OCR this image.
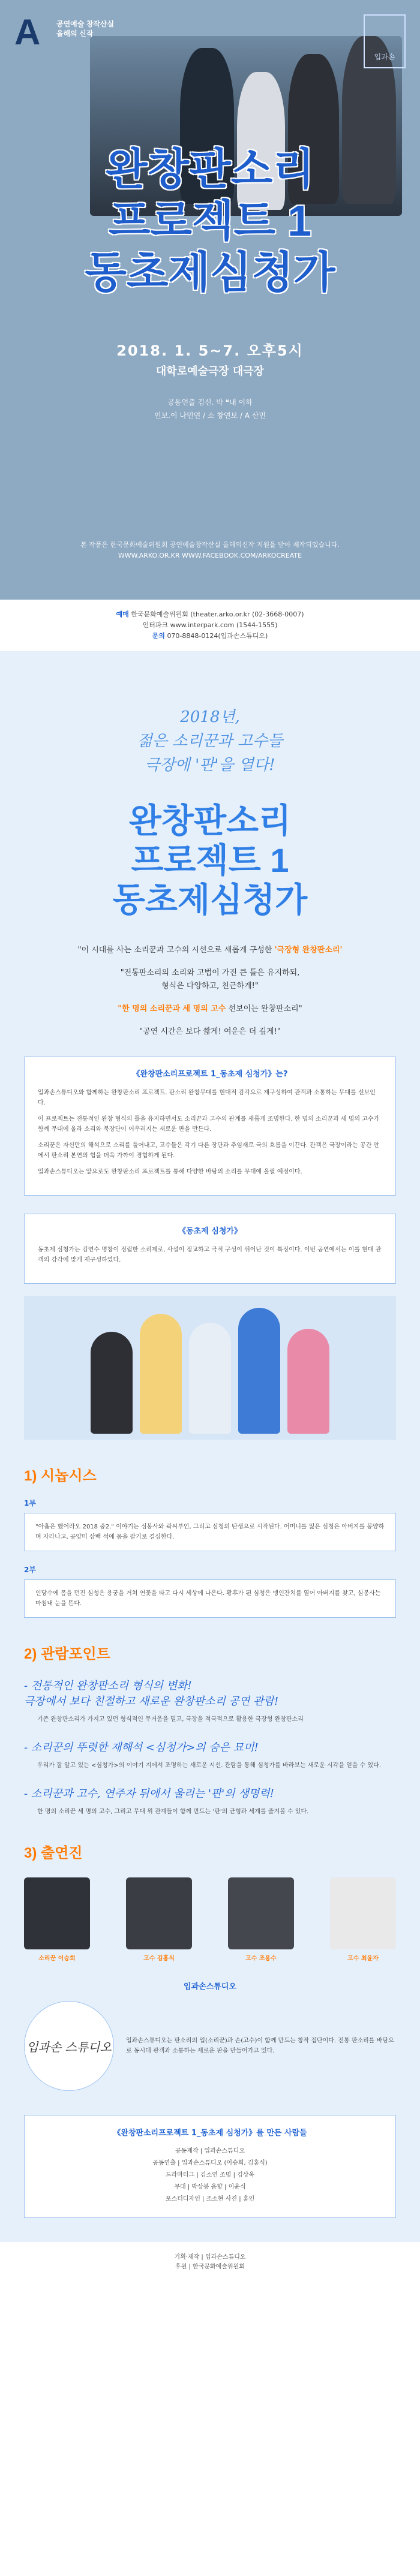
A 공연예술 창작산실
올해의 신작
입과손
완창판소리
프로젝트 1
동초제심청가
2018. 1. 5~7. 오후5시
대학로예술극장 대극장
공동연출 김신. 박 ❝내 이하
인보.이 나민연 / 소 창연보 / A 산민
본 작품은 한국문화예술위원회 공연예술창작산실 올해의신작 지원을 받아 제작되었습니다.
WWW.ARKO.OR.KR WWW.FACEBOOK.COM/ARKOCREATE
예매 한국문화예술위원회 (theater.arko.or.kr (02-3668-0007)
인터파크 www.interpark.com (1544-1555)
문의 070-8848-0124(입과손스튜디오)
2018년,
젊은 소리꾼과 고수들
극장에 '판'을 열다!
완창판소리
프로젝트 1
동초제심청가
"이 시대를 사는 소리꾼과 고수의 시선으로 새롭게 구성한 '극장형 완창판소리'
"전통판소리의 소리와 고법이 가진 큰 틀은 유지하되,
형식은 다양하고, 친근하게!"
"한 명의 소리꾼과 세 명의 고수 선보이는 완창판소리"
"공연 시간은 보다 짧게! 여운은 더 깊게!"
《완창판소리프로젝트 1_동초제 심청가》는?

입과손스튜디오와 함께하는 완창판소리 프로젝트. 판소리 완창무대를 현대적 감각으로 재구성하여 관객과 소통하는 무대를 선보인다.

이 프로젝트는 전통적인 완창 형식의 틀을 유지하면서도 소리꾼과 고수의 관계를 새롭게 조명한다. 한 명의 소리꾼과 세 명의 고수가 함께 무대에 올라 소리와 북장단이 어우러지는 새로운 판을 만든다.

소리꾼은 자신만의 해석으로 소리를 풀어내고, 고수들은 각기 다른 장단과 추임새로 극의 흐름을 이끈다. 관객은 극장이라는 공간 안에서 판소리 본연의 힘을 더욱 가까이 경험하게 된다.

입과손스튜디오는 앞으로도 완창판소리 프로젝트를 통해 다양한 바탕의 소리를 무대에 올릴 예정이다.

《동초제 심청가》

동초제 심청가는 김연수 명창이 정립한 소리제로, 사설이 정교하고 극적 구성이 뛰어난 것이 특징이다. 이번 공연에서는 이를 현대 관객의 감각에 맞게 재구성하였다.

1) 시놉시스
1부
"아홉은 했어라오 2018 중2." 이야기는 심봉사와 곽씨부인, 그리고 심청의 탄생으로 시작된다. 어머니를 잃은 심청은 아버지를 봉양하며 자라나고, 공양미 삼백 석에 몸을 팔기로 결심한다.
2부
인당수에 몸을 던진 심청은 용궁을 거쳐 연꽃을 타고 다시 세상에 나온다. 황후가 된 심청은 맹인잔치를 열어 아버지를 찾고, 심봉사는 마침내 눈을 뜬다.
2) 관람포인트
- 전통적인 완창판소리 형식의 변화!
극장에서 보다 친절하고 새로운 완창판소리 공연 관람!
기존 완창판소리가 가지고 있던 형식적인 무거움을 덜고, 극장을 적극적으로 활용한 극장형 완창판소리
- 소리꾼의 뚜렷한 재해석 <심청가>의 숨은 묘미!
우리가 잘 알고 있는 <심청가>의 이야기 지에서 조명하는 새로운 시선. 관람을 통해 심청가를 바라보는 새로운 시각을 얻을 수 있다.
- 소리꾼과 고수, 연주자 뒤에서 울리는 '판'의 생명력!
한 명의 소리꾼 세 명의 고수, 그리고 무대 위 관계들이 함께 만드는 '판'의 균형과 세계를 즐겨볼 수 있다.
3) 출연진
소리꾼 이승희	고수 김홍식	고수 조용수	고수 최윤자
입과손스튜디오
입과손 스튜디오	입과손스튜디오는 판소리의 입(소리꾼)과 손(고수)이 함께 만드는 창작 집단이다. 전통 판소리를 바탕으로 동시대 관객과 소통하는 새로운 판을 만들어가고 있다.
《완창판소리프로젝트 1_동초제 심청가》를 만든 사람들
공동제작 | 입과손스튜디오
공동연출 | 입과손스튜디오 (이승희, 김홍식)
드라마터그 | 김소연 조명 | 김상욱
무대 | 박상봉 음향 | 이윤식
포스터디자인 | 조소현 사진 | 홍인
기획·제작 | 입과손스튜디오
후원 | 한국문화예술위원회
